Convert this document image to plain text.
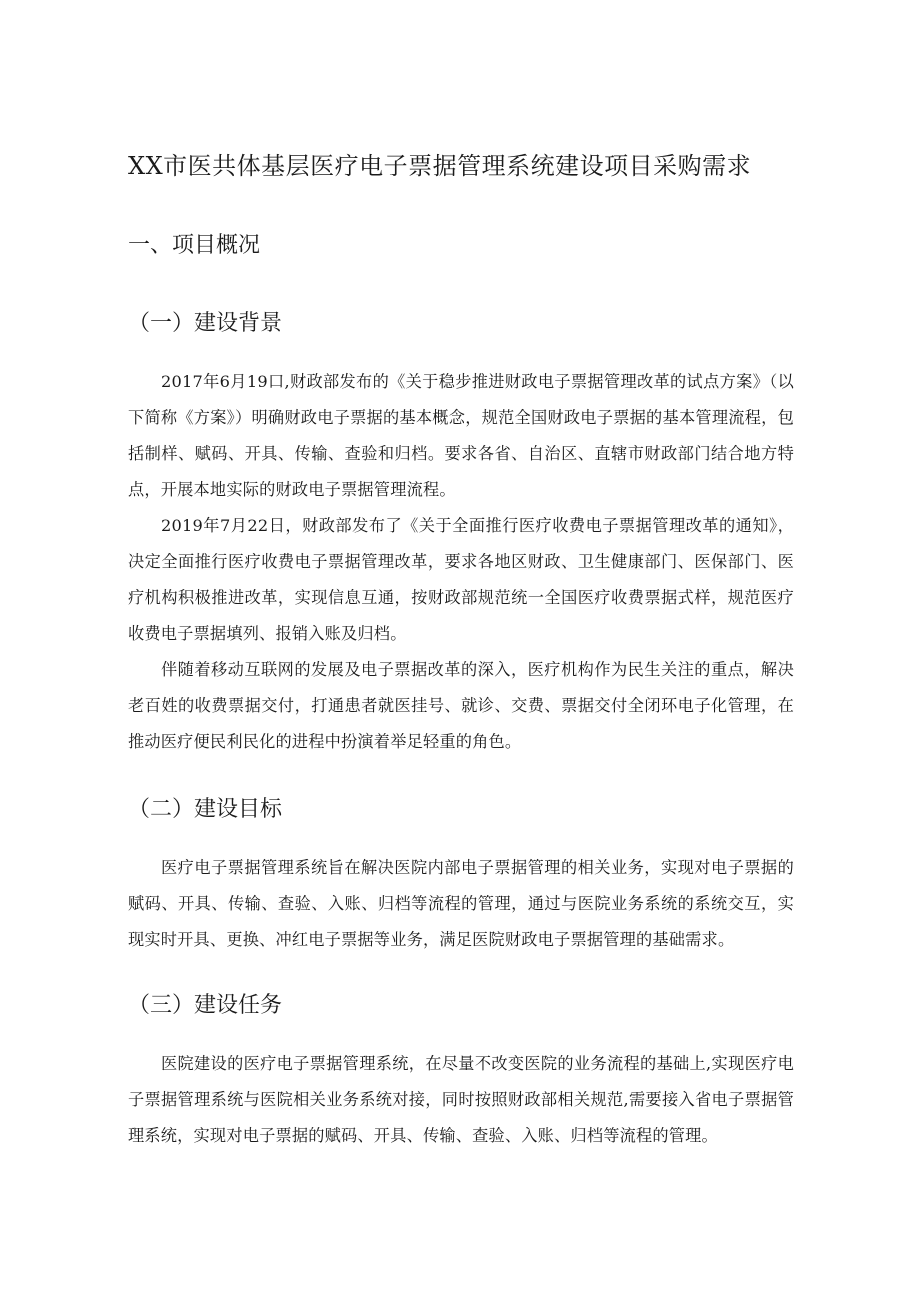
XX市医共体基层医疗电子票据管理系统建设项目采购需求
一、项目概况
（一）建设背景

2017年6月19口,财政部发布的《关于稳步推进财政电子票据管理改革的试点方案》（以下简称《方案》）明确财政电子票据的基本概念，规范全国财政电子票据的基本管理流程，包括制样、赋码、开具、传输、查验和归档。要求各省、自治区、直辖市财政部门结合地方特点，开展本地实际的财政电子票据管理流程。

2019年7月22日，财政部发布了《关于全面推行医疗收费电子票据管理改革的通知》，决定全面推行医疗收费电子票据管理改革，要求各地区财政、卫生健康部门、医保部门、医疗机构积极推进改革，实现信息互通，按财政部规范统一全国医疗收费票据式样，规范医疗收费电子票据填列、报销入账及归档。

伴随着移动互联网的发展及电子票据改革的深入，医疗机构作为民生关注的重点，解决老百姓的收费票据交付，打通患者就医挂号、就诊、交费、票据交付全闭环电子化管理，在推动医疗便民利民化的进程中扮演着举足轻重的角色。

（二）建设目标

医疗电子票据管理系统旨在解决医院内部电子票据管理的相关业务，实现对电子票据的赋码、开具、传输、查验、入账、归档等流程的管理，通过与医院业务系统的系统交互，实现实时开具、更换、冲红电子票据等业务，满足医院财政电子票据管理的基础需求。

（三）建设任务

医院建设的医疗电子票据管理系统，在尽量不改变医院的业务流程的基础上,实现医疗电子票据管理系统与医院相关业务系统对接，同时按照财政部相关规范,需要接入省电子票据管理系统，实现对电子票据的赋码、开具、传输、查验、入账、归档等流程的管理。
